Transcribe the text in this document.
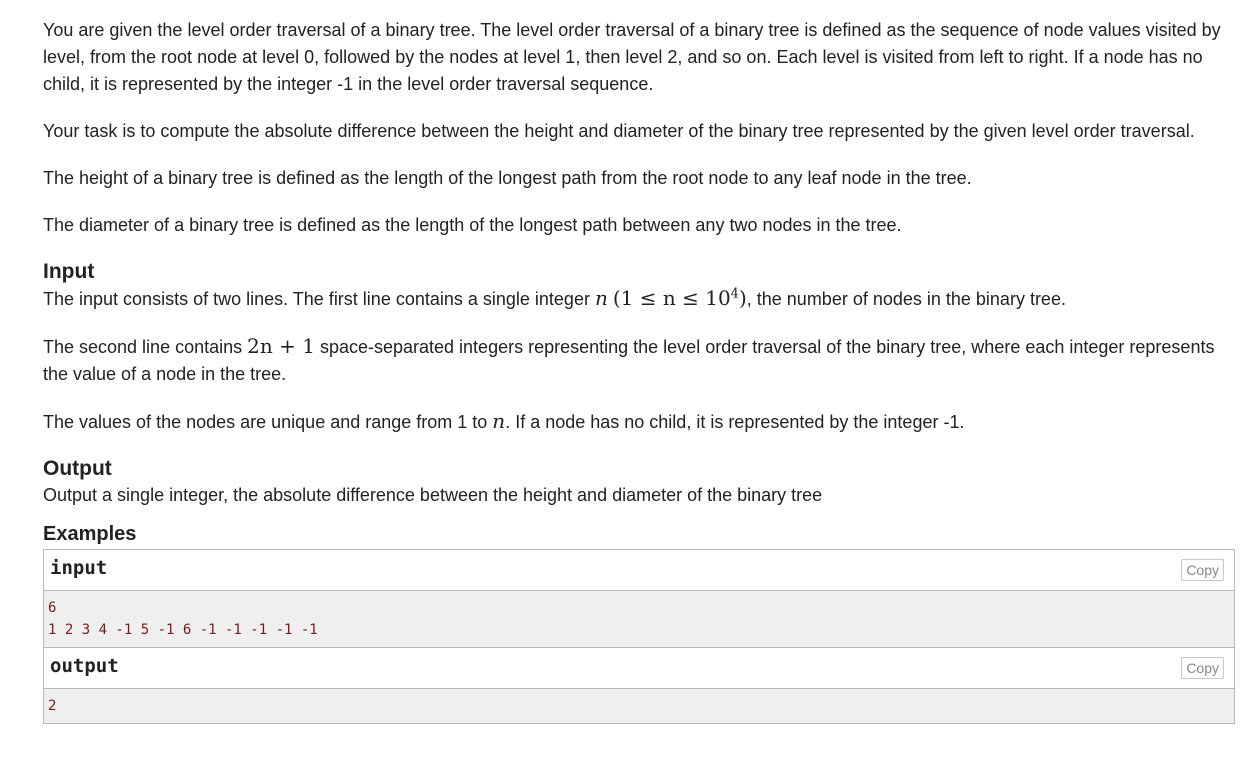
You are given the level order traversal of a binary tree. The level order traversal of a binary tree is defined as the sequence of node values visited by level, from the root node at level 0, followed by the nodes at level 1, then level 2, and so on. Each level is visited from left to right. If a node has no child, it is represented by the integer -1 in the level order traversal sequence.

Your task is to compute the absolute difference between the height and diameter of the binary tree represented by the given level order traversal.

The height of a binary tree is defined as the length of the longest path from the root node to any leaf node in the tree.

The diameter of a binary tree is defined as the length of the longest path between any two nodes in the tree.

Input

The input consists of two lines. The first line contains a single integer n $(1 \le n \le 10^4)$, the number of nodes in the binary tree.

The second line contains 2n + 1 space-separated integers representing the level order traversal of the binary tree, where each integer represents the value of a node in the tree.

The values of the nodes are unique and range from 1 to n. If a node has no child, it is represented by the integer -1.

Output

Output a single integer, the absolute difference between the height and diameter of the binary tree

Examples
input	Copy
6
1 2 3 4 -1 5 -1 6 -1 -1 -1 -1 -1
output	Copy
2
